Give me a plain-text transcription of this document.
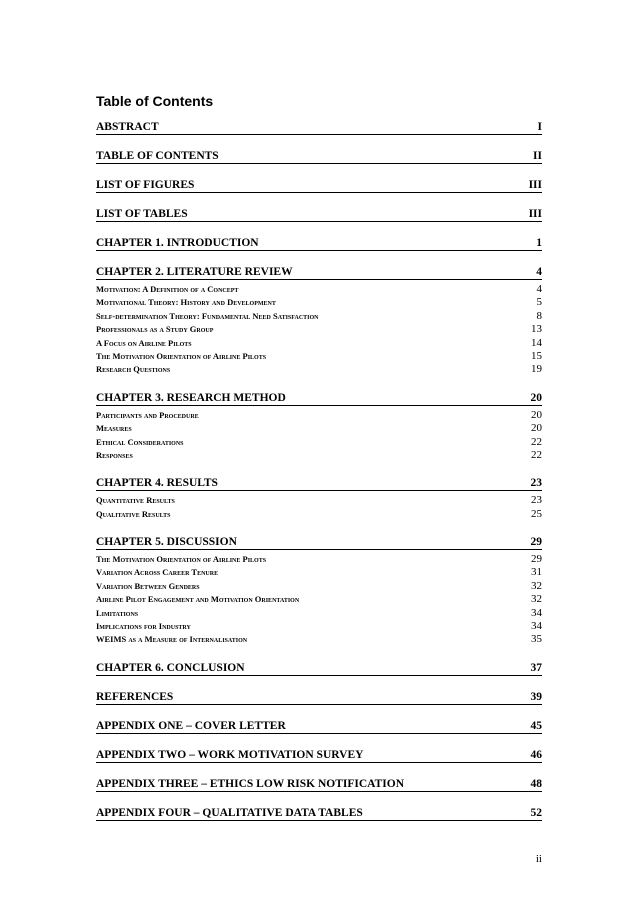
Table of Contents
ABSTRACT	I
TABLE OF CONTENTS	II
LIST OF FIGURES	III
LIST OF TABLES	III
CHAPTER 1. INTRODUCTION	1
CHAPTER 2. LITERATURE REVIEW	4
Motivation: A Definition of a Concept	4
Motivational Theory: History and Development	5
Self-determination Theory: Fundamental Need Satisfaction	8
Professionals as a Study Group	13
A Focus on Airline Pilots	14
The Motivation Orientation of Airline Pilots	15
Research Questions	19
CHAPTER 3. RESEARCH METHOD	20
Participants and Procedure	20
Measures	20
Ethical Considerations	22
Responses	22
CHAPTER 4. RESULTS	23
Quantitative Results	23
Qualitative Results	25
CHAPTER 5. DISCUSSION	29
The Motivation Orientation of Airline Pilots	29
Variation Across Career Tenure	31
Variation Between Genders	32
Airline Pilot Engagement and Motivation Orientation	32
Limitations	34
Implications for Industry	34
WEIMS as a Measure of Internalisation	35
CHAPTER 6. CONCLUSION	37
REFERENCES	39
APPENDIX ONE – COVER LETTER	45
APPENDIX TWO – WORK MOTIVATION SURVEY	46
APPENDIX THREE – ETHICS LOW RISK NOTIFICATION	48
APPENDIX FOUR – QUALITATIVE DATA TABLES	52
ii
